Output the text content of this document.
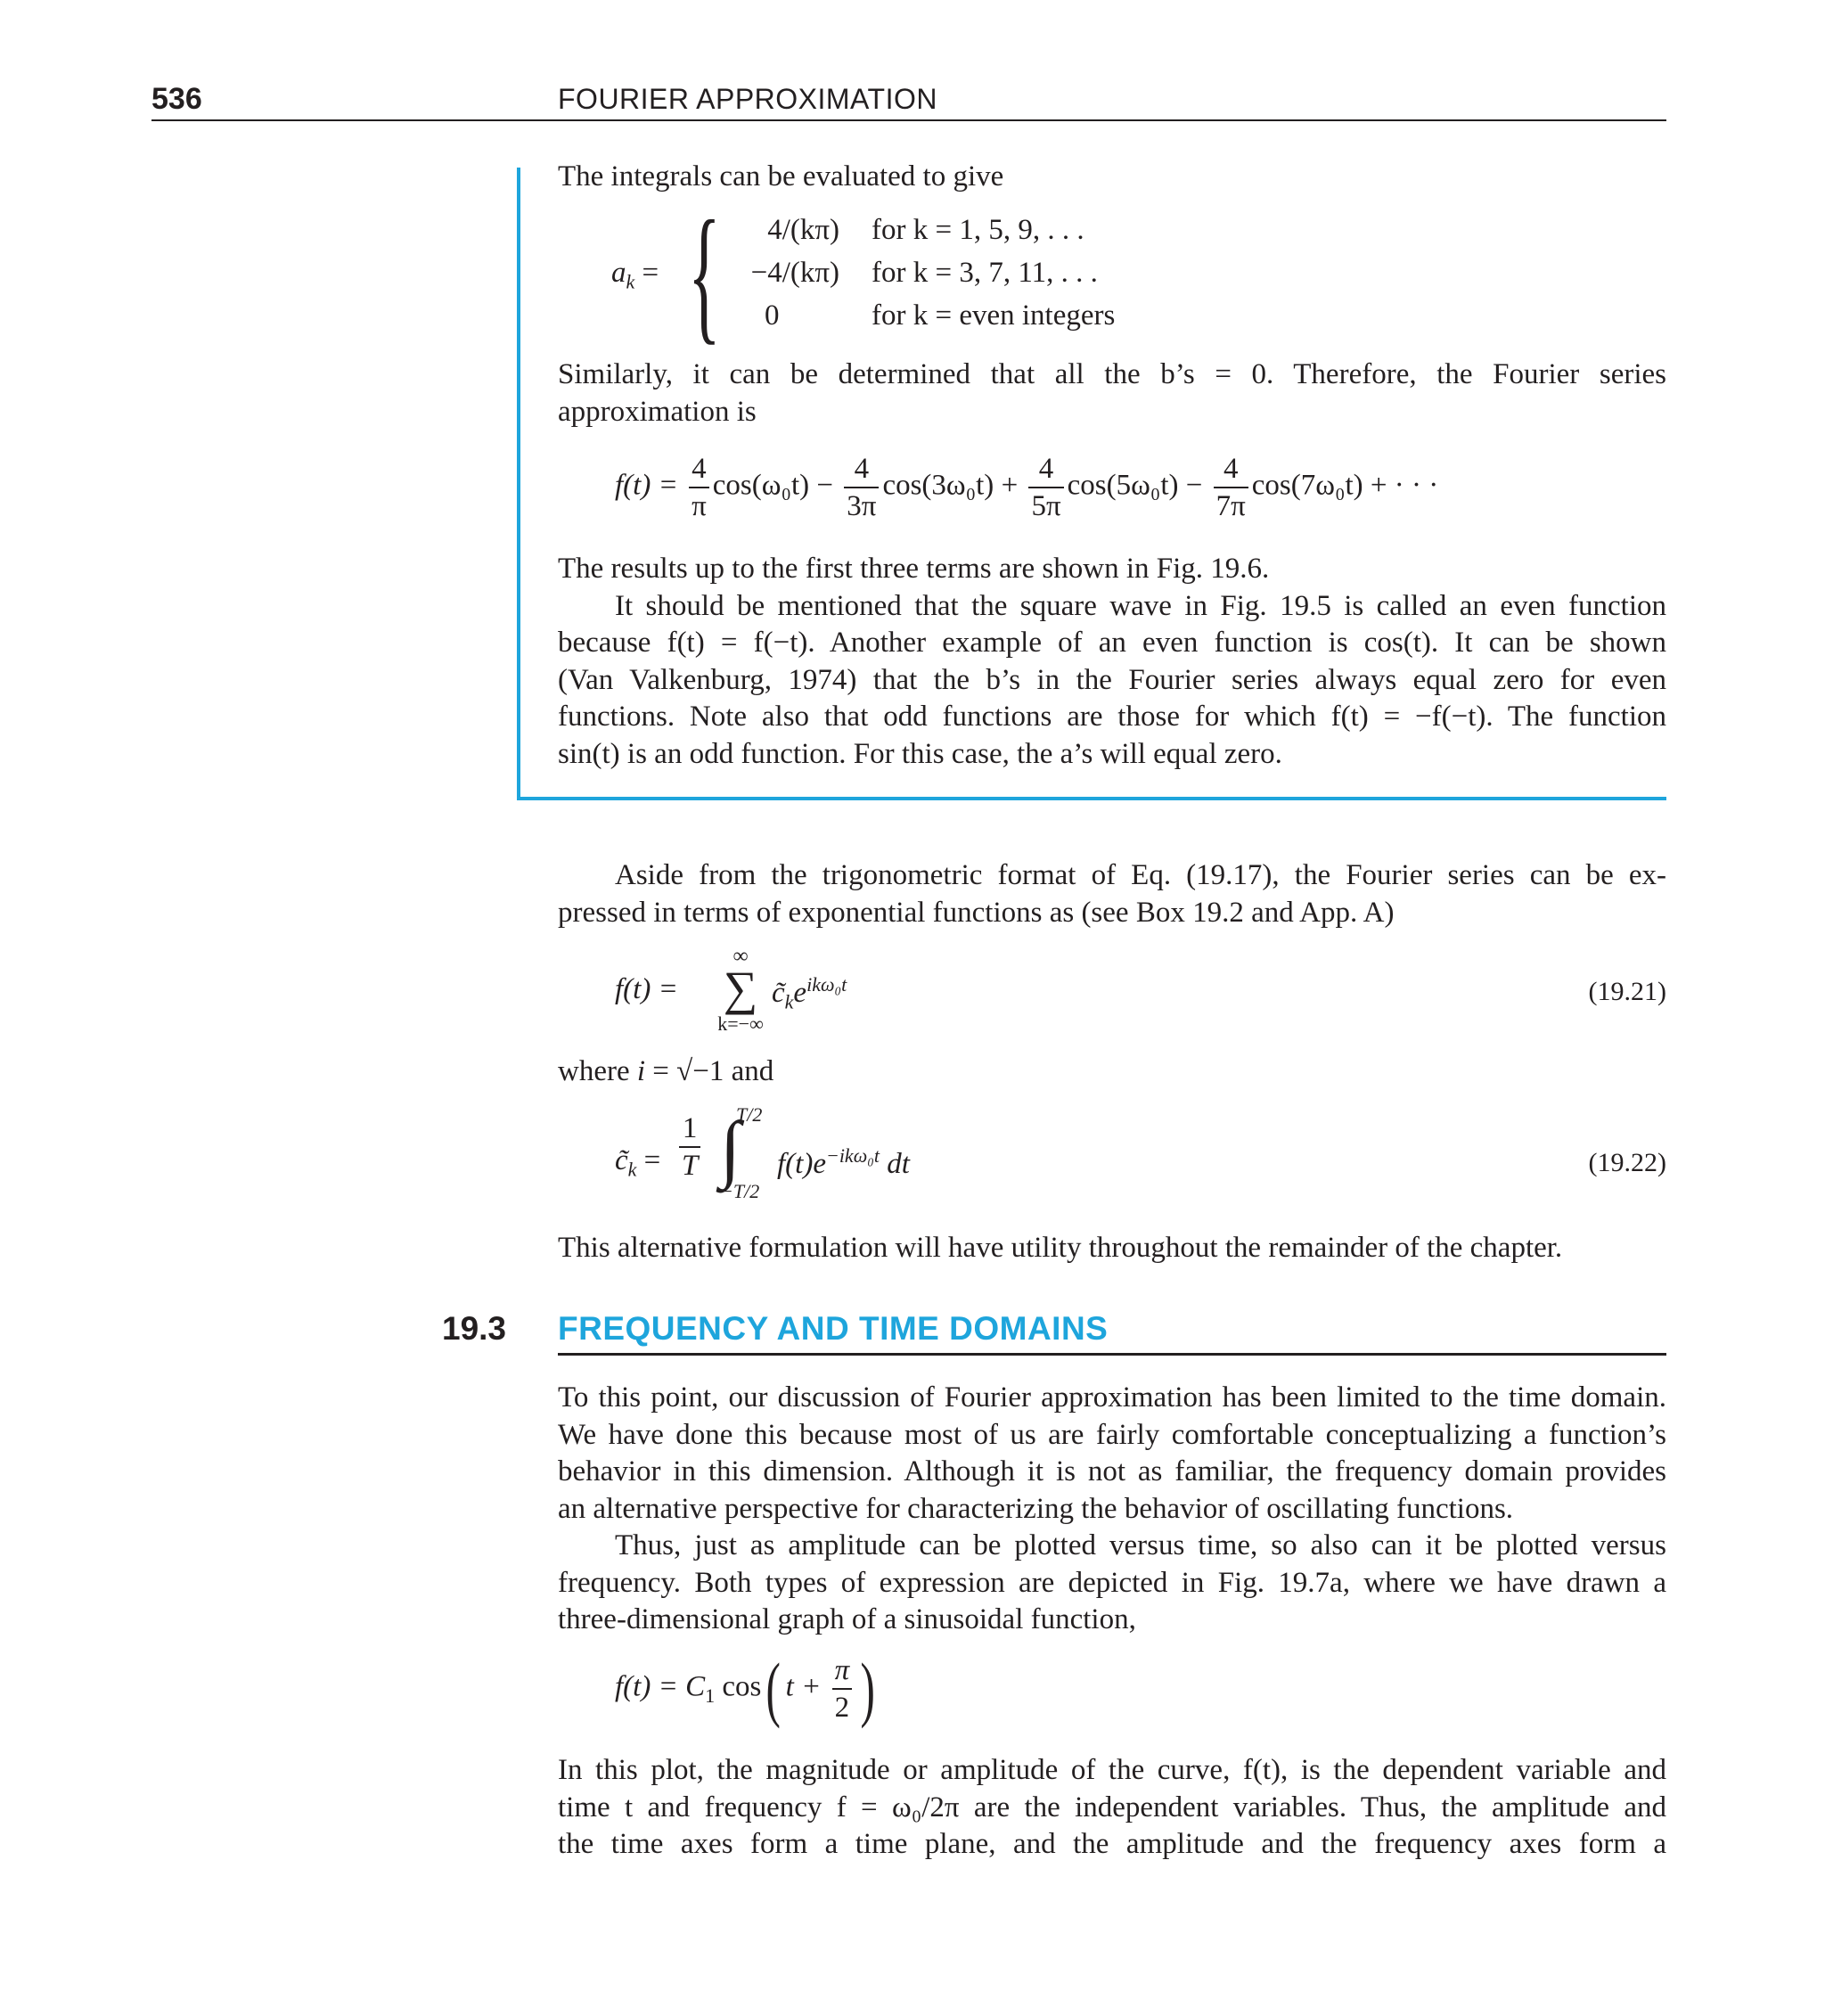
536	FOURIER APPROXIMATION
The integrals can be evaluated to give
$a_k$ = {	4/(kπ) for k = 1, 5, 9, . . .
−4/(kπ) for k = 3, 7, 11, . . .
0	for k = even integers
Similarly, it can be determined that all the b’s = 0. Therefore, the Fourier series
approximation is
$f(t) = \frac{4}{\pi} \cos(\omega_0t) - \frac{4}{3\pi} \cos(3\omega_0t) + \frac{4}{5\pi} \cos(5\omega_0t) - \frac{4}{7\pi} \cos(7\omega_0t)$ + · · ·
The results up to the first three terms are shown in Fig. 19.6.
It should be mentioned that the square wave in Fig. 19.5 is called an even function
because f(t) = f(−t). Another example of an even function is cos(t). It can be shown
(Van Valkenburg, 1974) that the b’s in the Fourier series always equal zero for even
functions. Note also that odd functions are those for which f(t) = −f(−t). The function
sin(t) is an odd function. For this case, the a’s will equal zero.
Aside from the trigonometric format of Eq. (19.17), the Fourier series can be ex-
pressed in terms of exponential functions as (see Box 19.2 and App. A)
f(t) =
∞
∑
k=−∞
$c̃_ke^{ik\omega_0t}$	(19.21)
where i = √−1 and
$c̃_k = \frac{1}{T}$ ∫
T/2
−T/2
$f(t)e^{-ik\omega_0t}$ dt	(19.22)
This alternative formulation will have utility throughout the remainder of the chapter.
19.3 FREQUENCY AND TIME DOMAINS
To this point, our discussion of Fourier approximation has been limited to the time domain.
We have done this because most of us are fairly comfortable conceptualizing a function’s
behavior in this dimension. Although it is not as familiar, the frequency domain provides
an alternative perspective for characterizing the behavior of oscillating functions.
Thus, just as amplitude can be plotted versus time, so also can it be plotted versus
frequency. Both types of expression are depicted in Fig. 19.7a, where we have drawn a
three-dimensional graph of a sinusoidal function,
$f(t) = C_1$ cos( $t + \frac{\pi}{2}$ )
In this plot, the magnitude or amplitude of the curve, f(t), is the dependent variable and
time t and frequency f = ω₀/2π are the independent variables. Thus, the amplitude and
the time axes form a time plane, and the amplitude and the frequency axes form a
